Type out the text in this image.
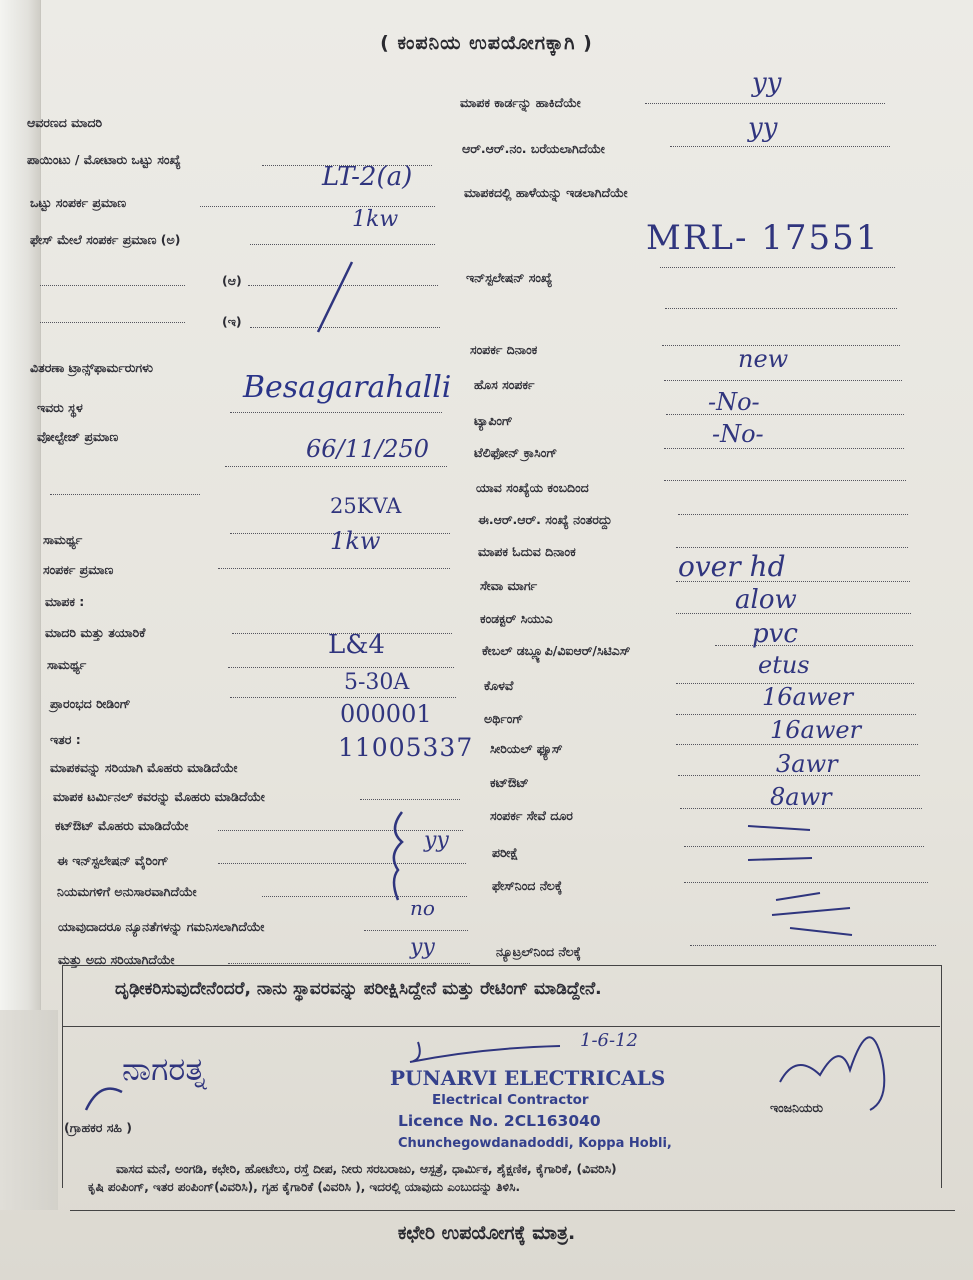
( ಕಂಪನಿಯ ಉಪಯೋಗಕ್ಕಾಗಿ )
ಆವರಣದ ಮಾದರಿ
ಪಾಯಿಂಟು / ಮೋಟಾರು ಒಟ್ಟು ಸಂಖ್ಯೆ
ಒಟ್ಟು ಸಂಪರ್ಕ ಪ್ರಮಾಣ
ಫೇಸ್ ಮೇಲೆ ಸಂಪರ್ಕ ಪ್ರಮಾಣ (ಅ)
(ಆ)
(ಇ)
ವಿತರಣಾ ಟ್ರಾನ್ಸ್‌ಫಾರ್ಮರುಗಳು
ಇವರು ಸ್ಥಳ
ವೋಲ್ಟೇಜ್ ಪ್ರಮಾಣ
ಸಾಮರ್ಥ್ಯ
ಸಂಪರ್ಕ ಪ್ರಮಾಣ
ಮಾಪಕ :
ಮಾದರಿ ಮತ್ತು ತಯಾರಿಕೆ
ಸಾಮರ್ಥ್ಯ
ಪ್ರಾರಂಭದ ರೀಡಿಂಗ್
ಇತರ :
ಮಾಪಕವನ್ನು ಸರಿಯಾಗಿ ಮೊಹರು ಮಾಡಿದೆಯೇ
ಮಾಪಕ ಟರ್ಮಿನಲ್ ಕವರನ್ನು ಮೊಹರು ಮಾಡಿದೆಯೇ
ಕಟ್‌ಔಟ್ ಮೊಹರು ಮಾಡಿದೆಯೇ
ಈ ಇನ್‌ಸ್ಟಲೇಷನ್ ವೈರಿಂಗ್
ನಿಯಮಗಳಿಗೆ ಅನುಸಾರವಾಗಿದೆಯೇ
ಯಾವುದಾದರೂ ನ್ಯೂನತೆಗಳನ್ನು ಗಮನಿಸಲಾಗಿದೆಯೇ
ಮತ್ತು ಅದು ಸರಿಯಾಗಿದೆಯೇ
ಮಾಪಕ ಕಾರ್ಡನ್ನು ಹಾಕಿದೆಯೇ
ಆರ್.ಆರ್.ನಂ. ಬರೆಯಲಾಗಿದೆಯೇ
ಮಾಪಕದಲ್ಲಿ ಹಾಳೆಯನ್ನು ಇಡಲಾಗಿದೆಯೇ
ಇನ್‌ಸ್ಟಲೇಷನ್ ಸಂಖ್ಯೆ
ಸಂಪರ್ಕ ದಿನಾಂಕ
ಹೊಸ ಸಂಪರ್ಕ
ಟ್ಯಾಪಿಂಗ್
ಟೆಲಿಫೋನ್ ಕ್ರಾಸಿಂಗ್
ಯಾವ ಸಂಖ್ಯೆಯ ಕಂಬದಿಂದ
ಈ.ಆರ್.ಆರ್. ಸಂಖ್ಯೆ ನಂತರದ್ದು
ಮಾಪಕ ಓದುವ ದಿನಾಂಕ
ಸೇವಾ ಮಾರ್ಗ
ಕಂಡಕ್ಟರ್ ಸಿಯುಎ
ಕೇಬಲ್ ಡಬ್ಲ್ಯೂಪಿ/ವಿಐಆರ್/ಸಿಟಿಎಸ್
ಕೊಳವೆ
ಅರ್ಥಿಂಗ್
ಸೀರಿಯಲ್ ಫ್ಯೂಸ್
ಕಟ್‌ಔಟ್
ಸಂಪರ್ಕ ಸೇವೆ ದೂರ
ಪರೀಕ್ಷೆ
ಫೇಸ್‌ನಿಂದ ನೆಲಕ್ಕೆ
ನ್ಯೂಟ್ರಲ್‌ನಿಂದ ನೆಲಕ್ಕೆ
yy
yy
LT-2(a)
1kw	MRL- 17551
new
-No-
-No-
Besagarahalli
66/11/250
25KVA
1kw
over hd
alow
pvc
etus
16awer
16awer
3awr
8awr
L&4
5-30A
000001
11005337
yy
no
yy
ದೃಢೀಕರಿಸುವುದೇನೆಂದರೆ, ನಾನು ಸ್ಥಾವರವನ್ನು ಪರೀಕ್ಷಿಸಿದ್ದೇನೆ ಮತ್ತು ರೇಟಿಂಗ್ ಮಾಡಿದ್ದೇನೆ.
ನಾಗರತ್ನ
(ಗ್ರಾಹಕರ ಸಹಿ )
1-6-12
PUNARVI ELECTRICALS
Electrical Contractor
Licence No. 2CL163040
Chunchegowdanadoddi, Koppa Hobli,
ಇಂಜನಿಯರು
ವಾಸದ ಮನೆ, ಅಂಗಡಿ, ಕಛೇರಿ, ಹೋಟೆಲು, ರಸ್ತೆ ದೀಪ, ನೀರು ಸರಬರಾಜು, ಆಸ್ಪತ್ರೆ, ಧಾರ್ಮಿಕ, ಶೈಕ್ಷಣಿಕ, ಕೈಗಾರಿಕೆ, (ವಿವರಿಸಿ)
ಕೃಷಿ ಪಂಪಿಂಗ್, ಇತರ ಪಂಪಿಂಗ್(ವಿವರಿಸಿ), ಗೃಹ ಕೈಗಾರಿಕೆ (ವಿವರಿಸಿ ), ಇದರಲ್ಲಿ ಯಾವುದು ಎಂಬುದನ್ನು ತಿಳಿಸಿ.
ಕಛೇರಿ ಉಪಯೋಗಕ್ಕೆ ಮಾತ್ರ.
